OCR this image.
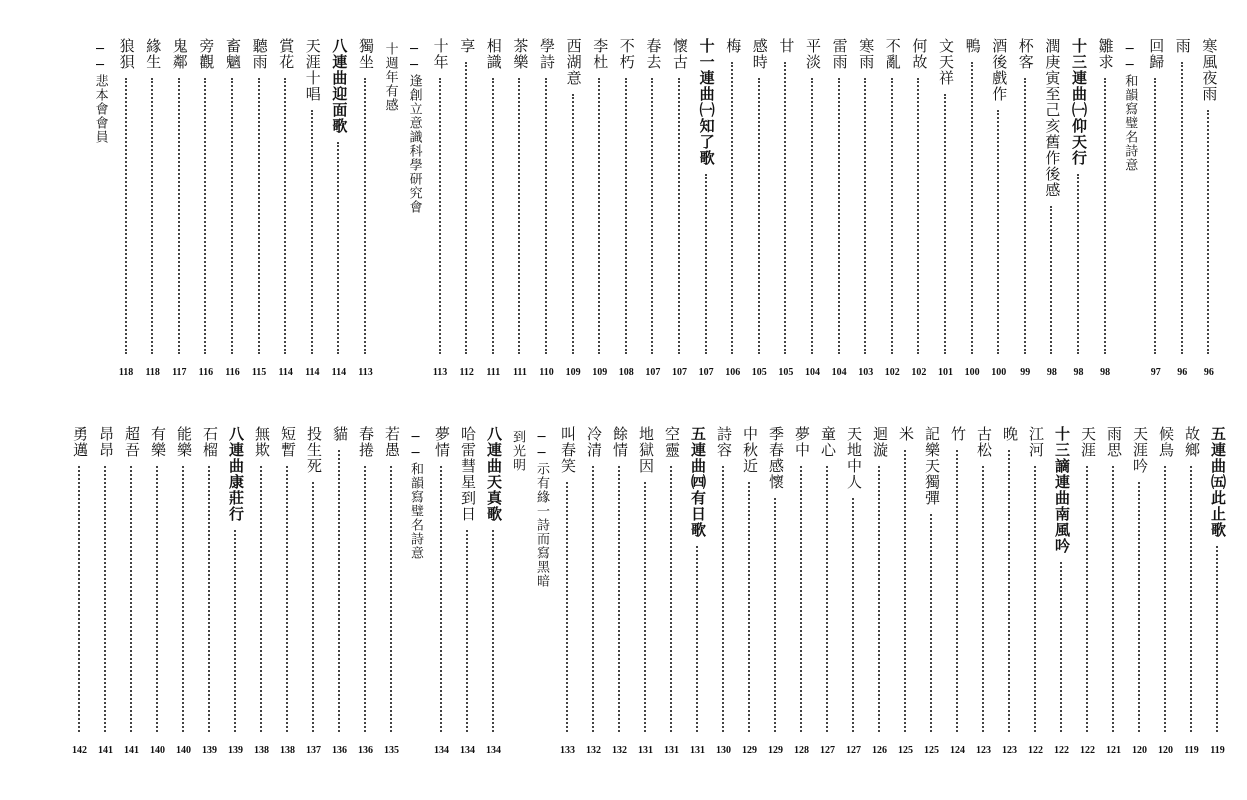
寒風夜雨
96
雨
96
回歸
97
──和韻寫璧名詩意
雛求
98
十三連曲㈠仰天行
98
潤庚寅至己亥舊作後感
98
杯客
99
酒後戲作
100
鴨
100
文天祥
101
何故
102
不亂
102
寒雨
103
雷雨
104
平淡
104
甘
105
感時
105
梅
106
十一連曲㈠知了歌
107
懷古
107
春去
107
不朽
108
李杜
109
西湖意
109
學詩
110
茶樂
111
相識
111
享
112
十年
113
──逢創立意識科學研究會
十週年有感
獨坐
113
八連曲迎面歌
114
天涯十唱
114
賞花
114
聽雨
115
畜魑
116
旁觀
116
鬼鄰
117
緣生
118
狼狽
118
──悲本會會員
五連曲㈤此止歌
119
故鄉
119
候鳥
120
天涯吟
120
雨思
121
天涯
122
十三謫連曲南風吟
122
江河
122
晚
123
古松
123
竹
124
記樂天獨彈
125
米
125
迴漩
126
天地中人
127
童心
127
夢中
128
季春感懷
129
中秋近
129
詩容
130
五連曲㈣有日歌
131
空靈
131
地獄因
131
餘情
132
冷清
132
叫春笑
133
──示有緣一詩而寫黑暗
到光明
八連曲天真歌
134
哈雷彗星到日
134
夢情
134
──和韻寫璧名詩意
若愚
135
春捲
136
貓
136
投生死
137
短暫
138
無欺
138
八連曲康莊行
139
石榴
139
能樂
140
有樂
140
超吾
141
昂昂
141
勇邁
142
